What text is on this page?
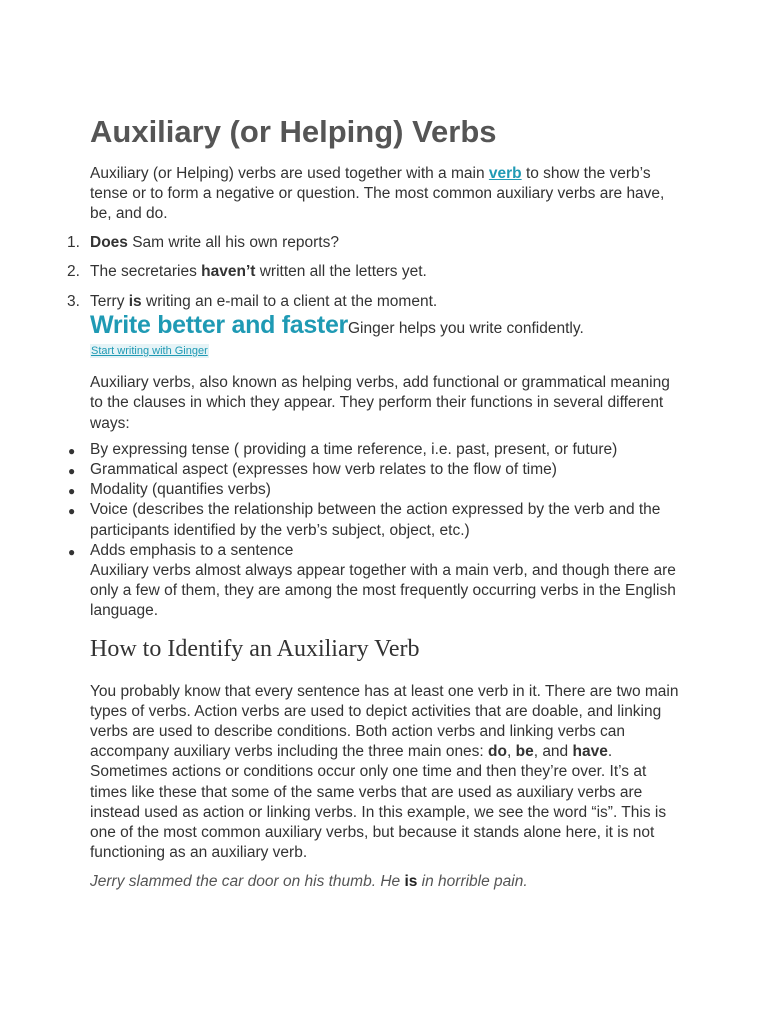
Auxiliary (or Helping) Verbs

Auxiliary (or Helping) verbs are used together with a main verb to show the verb’s tense or to form a negative or question. The most common auxiliary verbs are have, be, and do.

1. Does Sam write all his own reports?
2. The secretaries haven’t written all the letters yet.
3. Terry is writing an e-mail to a client at the moment.
Write better and fasterGinger helps you write confidently.
Start writing with Ginger

Auxiliary verbs, also known as helping verbs, add functional or grammatical meaning to the clauses in which they appear. They perform their functions in several different ways:

● By expressing tense ( providing a time reference, i.e. past, present, or future)
● Grammatical aspect (expresses how verb relates to the flow of time)
● Modality (quantifies verbs)
● Voice (describes the relationship between the action expressed by the verb and the participants identified by the verb’s subject, object, etc.)
● Adds emphasis to a sentence

Auxiliary verbs almost always appear together with a main verb, and though there are only a few of them, they are among the most frequently occurring verbs in the English language.

How to Identify an Auxiliary Verb

You probably know that every sentence has at least one verb in it. There are two main types of verbs. Action verbs are used to depict activities that are doable, and linking verbs are used to describe conditions. Both action verbs and linking verbs can accompany auxiliary verbs including the three main ones: do, be, and have.
Sometimes actions or conditions occur only one time and then they’re over. It’s at times like these that some of the same verbs that are used as auxiliary verbs are instead used as action or linking verbs. In this example, we see the word “is”. This is one of the most common auxiliary verbs, but because it stands alone here, it is not functioning as an auxiliary verb.

Jerry slammed the car door on his thumb. He is in horrible pain.
